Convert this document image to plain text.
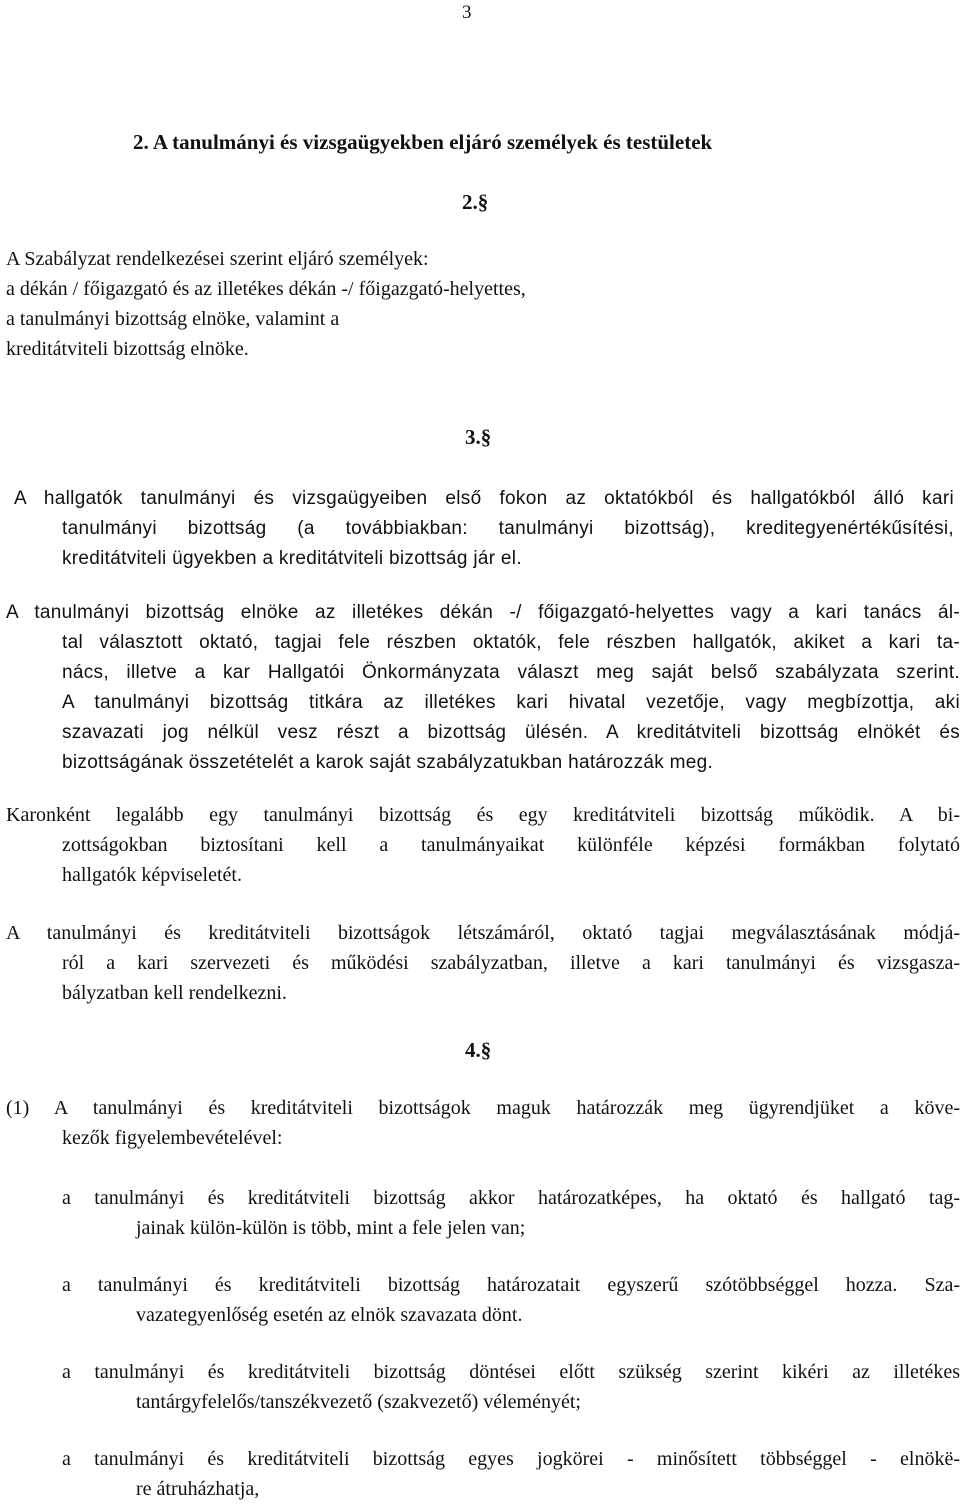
3

2. A tanulmányi és vizsgaügyekben eljáró személyek és testületek

2.§

A Szabályzat rendelkezései szerint eljáró személyek:
a dékán / főigazgató és az illetékes dékán -/ főigazgató-helyettes,
a tanulmányi bizottság elnöke, valamint a
kreditátviteli bizottság elnöke.

3.§

A hallgatók tanulmányi és vizsgaügyeiben első fokon az oktatókból és hallgatókból álló kari
tanulmányi bizottság (a továbbiakban: tanulmányi bizottság), kreditegyenértékűsítési,
kreditátviteli ügyekben a kreditátviteli bizottság jár el.
A tanulmányi bizottság elnöke az illetékes dékán -/ főigazgató-helyettes vagy a kari tanács ál-
tal választott oktató, tagjai fele részben oktatók, fele részben hallgatók, akiket a kari ta-
nács, illetve a kar Hallgatói Önkormányzata választ meg saját belső szabályzata szerint.
A tanulmányi bizottság titkára az illetékes kari hivatal vezetője, vagy megbízottja, aki
szavazati jog nélkül vesz részt a bizottság ülésén. A kreditátviteli bizottság elnökét és
bizottságának összetételét a karok saját szabályzatukban határozzák meg.
Karonként legalább egy tanulmányi bizottság és egy kreditátviteli bizottság működik. A bi-
zottságokban biztosítani kell a tanulmányaikat különféle képzési formákban folytató
hallgatók képviseletét.
A tanulmányi és kreditátviteli bizottságok létszámáról, oktató tagjai megválasztásának módjá-
ról a kari szervezeti és működési szabályzatban, illetve a kari tanulmányi és vizsgasza-
bályzatban kell rendelkezni.

4.§

(1) A tanulmányi és kreditátviteli bizottságok maguk határozzák meg ügyrendjüket a köve-
kezők figyelembevételével:
a tanulmányi és kreditátviteli bizottság akkor határozatképes, ha oktató és hallgató tag-
jainak külön-külön is több, mint a fele jelen van;
a tanulmányi és kreditátviteli bizottság határozatait egyszerű szótöbbséggel hozza. Sza-
vazategyenlőség esetén az elnök szavazata dönt.
a tanulmányi és kreditátviteli bizottság döntései előtt szükség szerint kikéri az illetékes
tantárgyfelelős/tanszékvezető (szakvezető) véleményét;
a tanulmányi és kreditátviteli bizottság egyes jogkörei - minősített többséggel - elnökë-
re átruházhatja,
